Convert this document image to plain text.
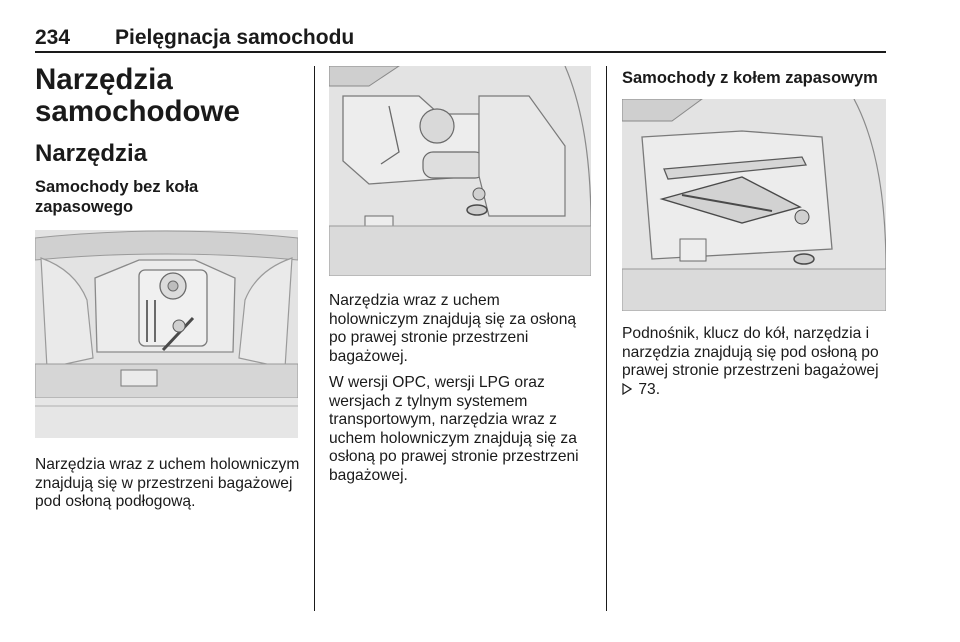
234 Pielęgnacja samochodu
Narzędzia samochodowe
Narzędzia
Samochody bez koła zapasowego
Narzędzia wraz z uchem holowniczym znajdują się w przestrzeni bagażowej pod osłoną podłogową.
Narzędzia wraz z uchem holowniczym znajdują się za osłoną po prawej stronie przestrzeni bagażowej.
W wersji OPC, wersji LPG oraz wersjach z tylnym systemem transportowym, narzędzia wraz z uchem holowniczym znajdują się za osłoną po prawej stronie przestrzeni bagażowej.
Samochody z kołem zapasowym
Podnośnik, klucz do kół, narzędzia i narzędzia znajdują się pod osłoną po prawej stronie przestrzeni bagażowej
73.
